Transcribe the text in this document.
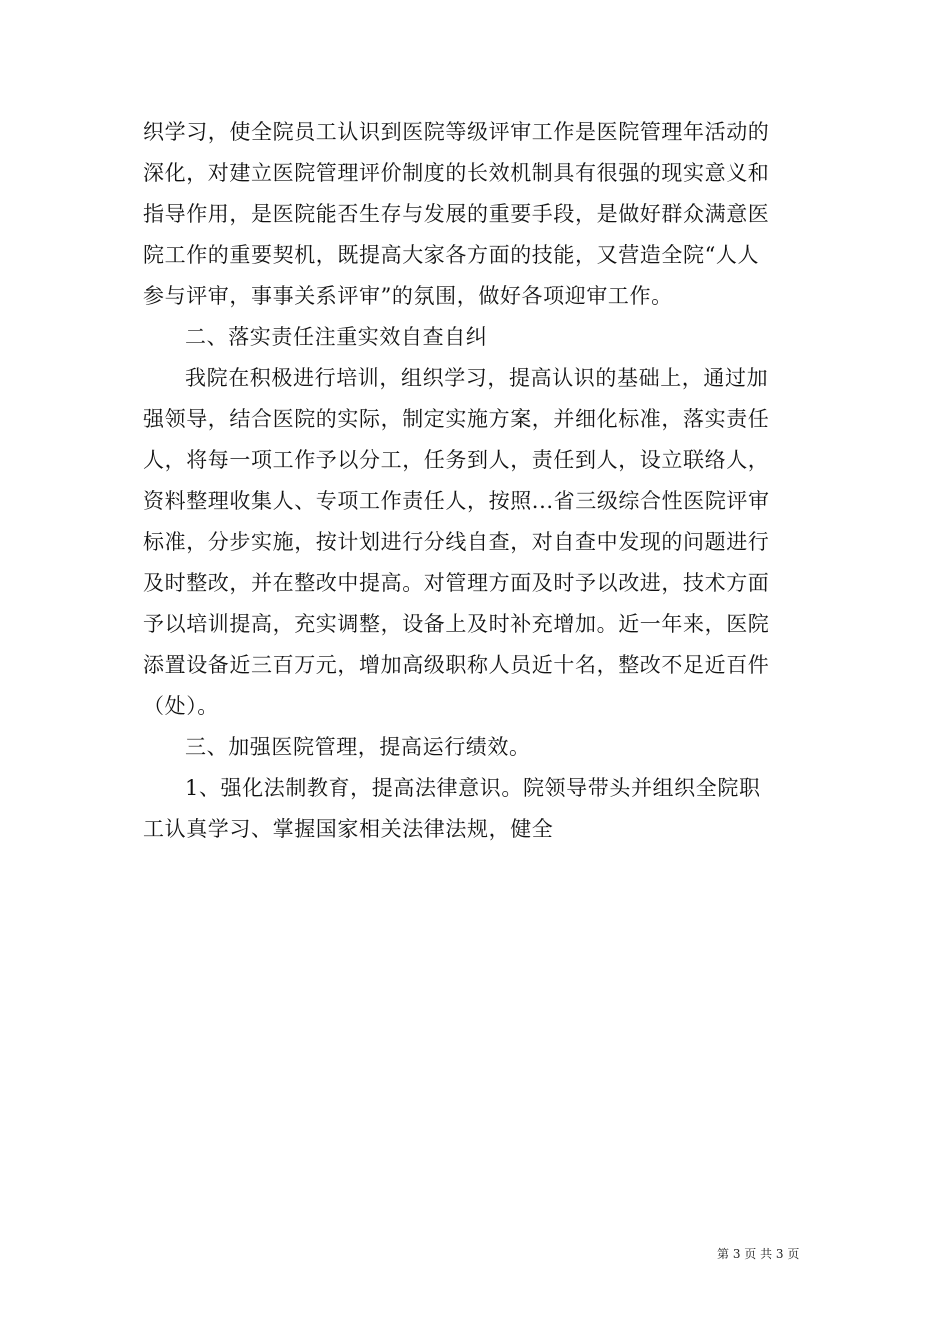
织学习，使全院员工认识到医院等级评审工作是医院管理年活动的
深化，对建立医院管理评价制度的长效机制具有很强的现实意义和
指导作用，是医院能否生存与发展的重要手段，是做好群众满意医
院工作的重要契机，既提高大家各方面的技能，又营造全院“人人
参与评审，事事关系评审”的氛围，做好各项迎审工作。
二、落实责任注重实效自查自纠
我院在积极进行培训，组织学习，提高认识的基础上，通过加
强领导，结合医院的实际，制定实施方案，并细化标准，落实责任
人，将每一项工作予以分工，任务到人，责任到人，设立联络人，
资料整理收集人、专项工作责任人，按照...省三级综合性医院评审
标准，分步实施，按计划进行分线自查，对自查中发现的问题进行
及时整改，并在整改中提高。对管理方面及时予以改进，技术方面
予以培训提高，充实调整，设备上及时补充增加。近一年来，医院
添置设备近三百万元，增加高级职称人员近十名，整改不足近百件
（处）。
三、加强医院管理，提高运行绩效。
1、强化法制教育，提高法律意识。院领导带头并组织全院职
工认真学习、掌握国家相关法律法规，健全
第 3 页 共 3 页
